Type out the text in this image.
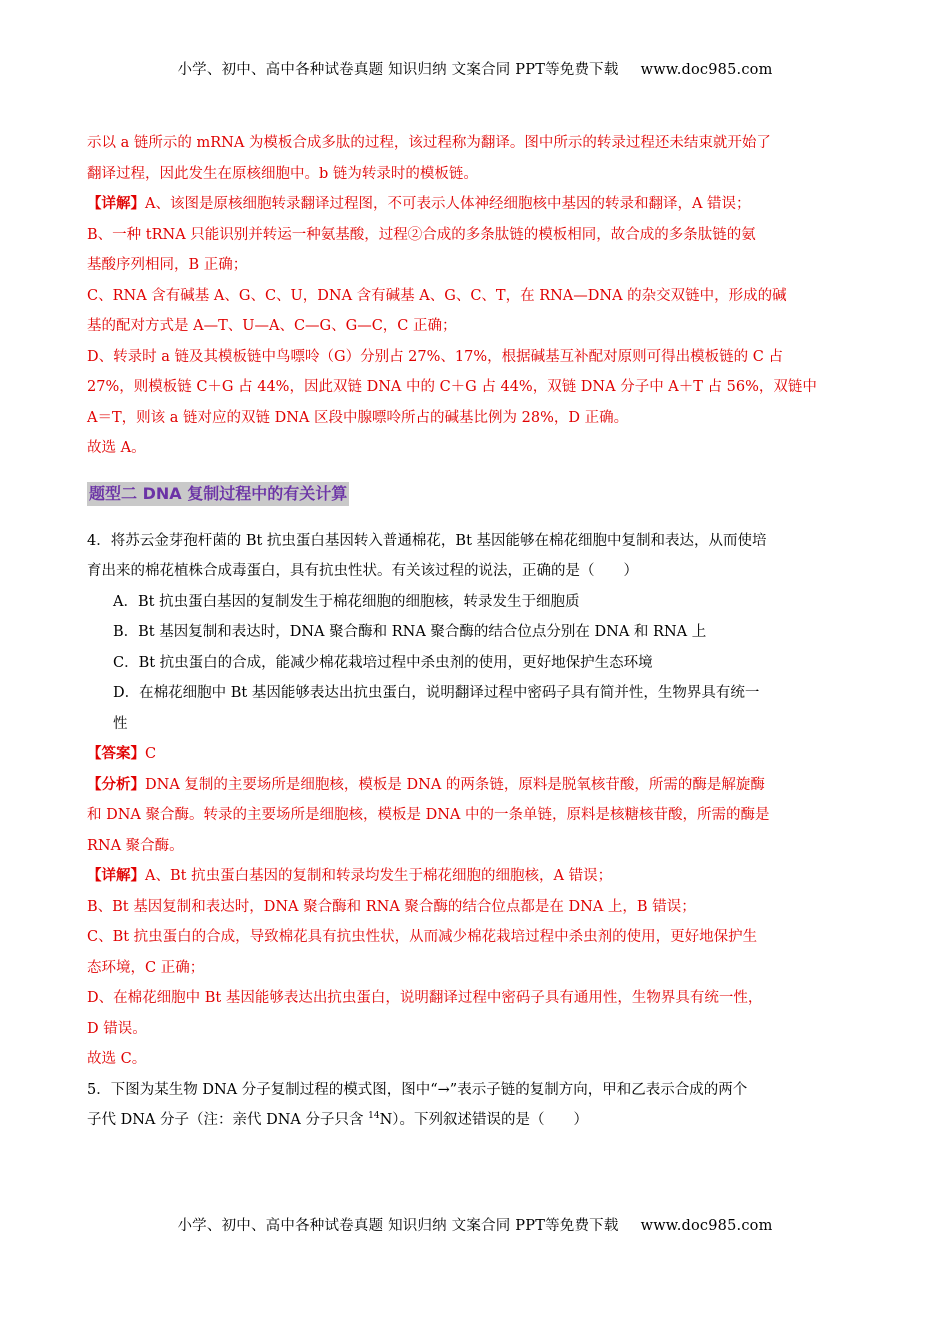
小学、初中、高中各种试卷真题 知识归纳 文案合同 PPT等免费下载 www.doc985.com

示以 a 链所示的 mRNA 为模板合成多肽的过程，该过程称为翻译。图中所示的转录过程还未结束就开始了

翻译过程，因此发生在原核细胞中。b 链为转录时的模板链。

【详解】A、该图是原核细胞转录翻译过程图，不可表示人体神经细胞核中基因的转录和翻译，A 错误；

B、一种 tRNA 只能识别并转运一种氨基酸，过程②合成的多条肽链的模板相同，故合成的多条肽链的氨

基酸序列相同，B 正确；

C、RNA 含有碱基 A、G、C、U，DNA 含有碱基 A、G、C、T，在 RNA—DNA 的杂交双链中，形成的碱

基的配对方式是 A—T、U—A、C—G、G—C，C 正确；

D、转录时 a 链及其模板链中鸟嘌呤（G）分别占 27%、17%，根据碱基互补配对原则可得出模板链的 C 占

27%，则模板链 C＋G 占 44%，因此双链 DNA 中的 C＋G 占 44%，双链 DNA 分子中 A＋T 占 56%，双链中

A＝T，则该 a 链对应的双链 DNA 区段中腺嘌呤所占的碱基比例为 28%，D 正确。

故选 A。

题型二 DNA 复制过程中的有关计算

4．将苏云金芽孢杆菌的 Bt 抗虫蛋白基因转入普通棉花，Bt 基因能够在棉花细胞中复制和表达，从而使培

育出来的棉花植株合成毒蛋白，具有抗虫性状。有关该过程的说法，正确的是（　　）

A．Bt 抗虫蛋白基因的复制发生于棉花细胞的细胞核，转录发生于细胞质

B．Bt 基因复制和表达时，DNA 聚合酶和 RNA 聚合酶的结合位点分别在 DNA 和 RNA 上

C．Bt 抗虫蛋白的合成，能减少棉花栽培过程中杀虫剂的使用，更好地保护生态环境

D．在棉花细胞中 Bt 基因能够表达出抗虫蛋白，说明翻译过程中密码子具有简并性，生物界具有统一

性

【答案】C

【分析】DNA 复制的主要场所是细胞核，模板是 DNA 的两条链，原料是脱氧核苷酸，所需的酶是解旋酶

和 DNA 聚合酶。转录的主要场所是细胞核，模板是 DNA 中的一条单链，原料是核糖核苷酸，所需的酶是

RNA 聚合酶。

【详解】A、Bt 抗虫蛋白基因的复制和转录均发生于棉花细胞的细胞核，A 错误；

B、Bt 基因复制和表达时，DNA 聚合酶和 RNA 聚合酶的结合位点都是在 DNA 上，B 错误；

C、Bt 抗虫蛋白的合成，导致棉花具有抗虫性状，从而减少棉花栽培过程中杀虫剂的使用，更好地保护生

态环境，C 正确；

D、在棉花细胞中 Bt 基因能够表达出抗虫蛋白，说明翻译过程中密码子具有通用性，生物界具有统一性，

D 错误。

故选 C。

5．下图为某生物 DNA 分子复制过程的模式图，图中“→”表示子链的复制方向，甲和乙表示合成的两个

子代 DNA 分子（注：亲代 DNA 分子只含 $^{14}$N）。下列叙述错误的是（　　）

小学、初中、高中各种试卷真题 知识归纳 文案合同 PPT等免费下载 www.doc985.com
